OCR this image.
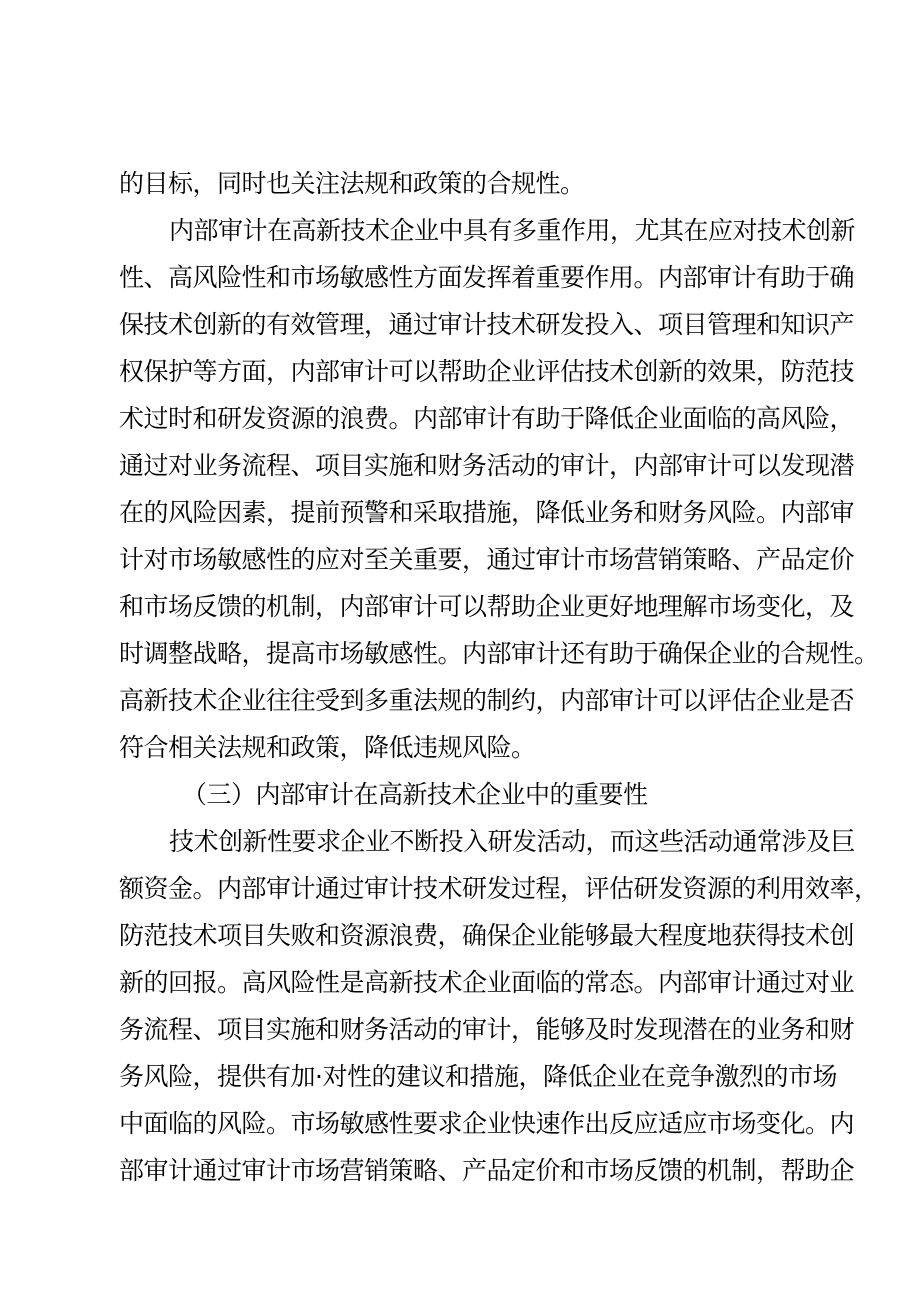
的目标，同时也关注法规和政策的合规性。
内部审计在高新技术企业中具有多重作用，尤其在应对技术创新
性、高风险性和市场敏感性方面发挥着重要作用。内部审计有助于确
保技术创新的有效管理，通过审计技术研发投入、项目管理和知识产
权保护等方面，内部审计可以帮助企业评估技术创新的效果，防范技
术过时和研发资源的浪费。内部审计有助于降低企业面临的高风险，
通过对业务流程、项目实施和财务活动的审计，内部审计可以发现潜
在的风险因素，提前预警和采取措施，降低业务和财务风险。内部审
计对市场敏感性的应对至关重要，通过审计市场营销策略、产品定价
和市场反馈的机制，内部审计可以帮助企业更好地理解市场变化，及
时调整战略，提高市场敏感性。内部审计还有助于确保企业的合规性。
高新技术企业往往受到多重法规的制约，内部审计可以评估企业是否
符合相关法规和政策，降低违规风险。
（三）内部审计在高新技术企业中的重要性
技术创新性要求企业不断投入研发活动，而这些活动通常涉及巨
额资金。内部审计通过审计技术研发过程，评估研发资源的利用效率，
防范技术项目失败和资源浪费，确保企业能够最大程度地获得技术创
新的回报。高风险性是高新技术企业面临的常态。内部审计通过对业
务流程、项目实施和财务活动的审计，能够及时发现潜在的业务和财
务风险，提供有加·对性的建议和措施，降低企业在竞争激烈的市场
中面临的风险。市场敏感性要求企业快速作出反应适应市场变化。内
部审计通过审计市场营销策略、产品定价和市场反馈的机制，帮助企
